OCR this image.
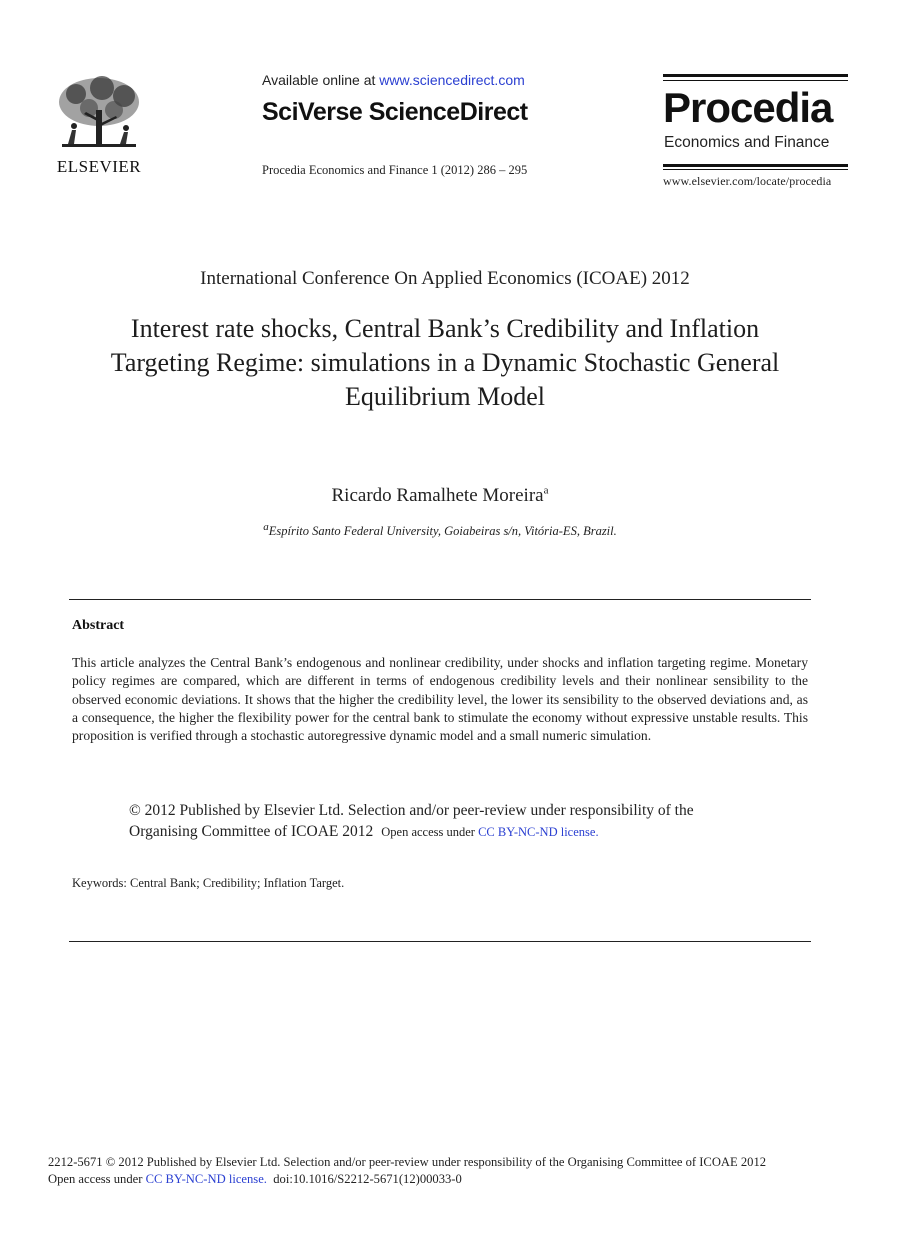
ELSEVIER
Available online at www.sciencedirect.com
SciVerse ScienceDirect
Procedia Economics and Finance 1 (2012) 286 – 295
Procedia
Economics and Finance
www.elsevier.com/locate/procedia
International Conference On Applied Economics (ICOAE) 2012
Interest rate shocks, Central Bank’s Credibility and Inflation
Targeting Regime: simulations in a Dynamic Stochastic General
Equilibrium Model
Ricardo Ramalhete Moreira$^a$
$^a$Espírito Santo Federal University, Goiabeiras s/n, Vitória-ES, Brazil.
Abstract
This article analyzes the Central Bank’s endogenous and nonlinear credibility, under shocks and inflation targeting regime. Monetary policy regimes are compared, which are different in terms of endogenous credibility levels and their nonlinear sensibility to the observed economic deviations. It shows that the higher the credibility level, the lower its sensibility to the observed deviations and, as a consequence, the higher the flexibility power for the central bank to stimulate the economy without expressive unstable results. This proposition is verified through a stochastic autoregressive dynamic model and a small numeric simulation.
© 2012 Published by Elsevier Ltd. Selection and/or peer-review under responsibility of the
Organising Committee of ICOAE 2012 Open access under CC BY-NC-ND license.
Keywords: Central Bank; Credibility; Inflation Target.
2212-5671 © 2012 Published by Elsevier Ltd. Selection and/or peer-review under responsibility of the Organising Committee of ICOAE 2012
Open access under CC BY-NC-ND license. doi:10.1016/S2212-5671(12)00033-0
